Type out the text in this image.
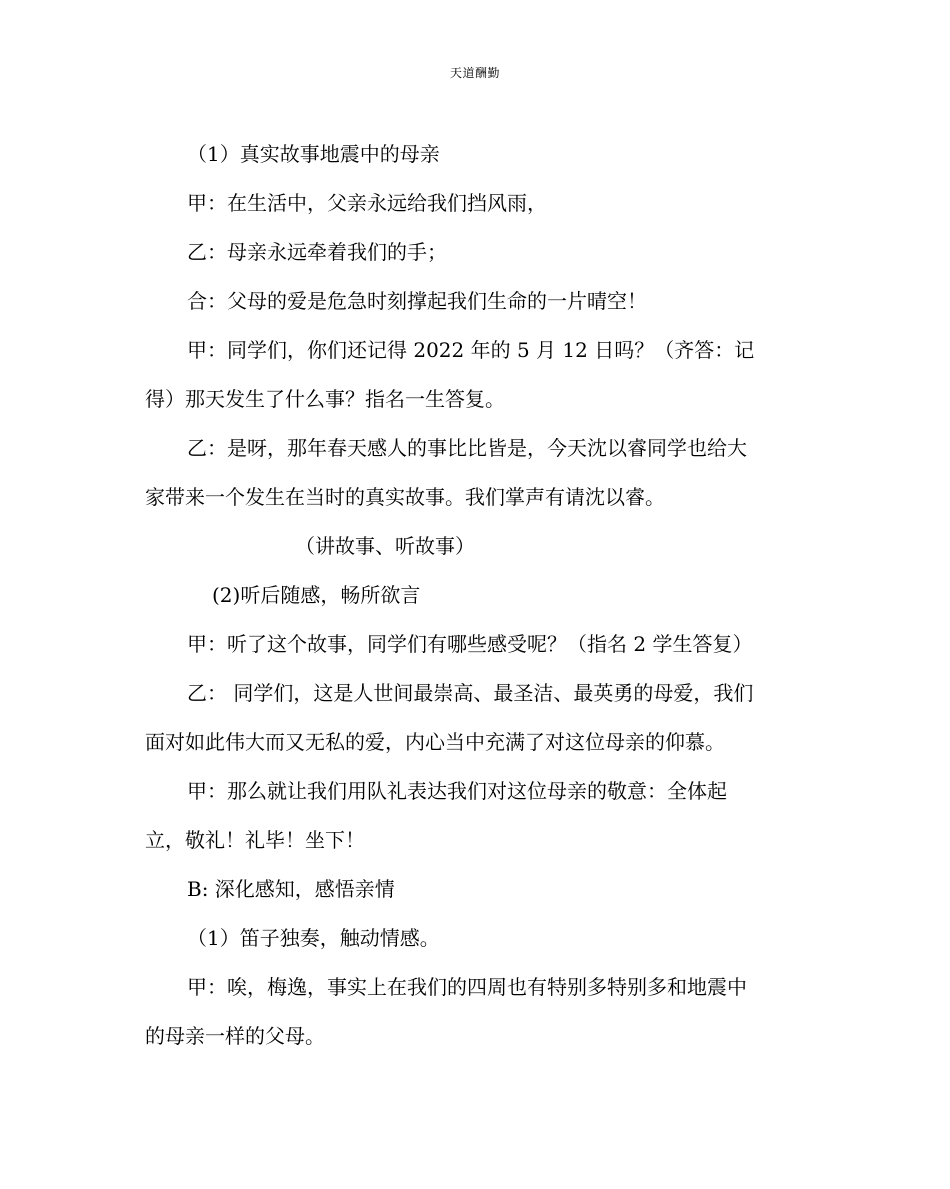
天道酬勤

（1）真实故事地震中的母亲

甲：在生活中，父亲永远给我们挡风雨，

乙：母亲永远牵着我们的手；

合：父母的爱是危急时刻撑起我们生命的一片晴空！

甲：同学们，你们还记得 2022 年的 5 月 12 日吗？（齐答：记

得）那天发生了什么事？指名一生答复。

乙：是呀，那年春天感人的事比比皆是，今天沈以睿同学也给大

家带来一个发生在当时的真实故事。我们掌声有请沈以睿。

（讲故事、听故事）

(2)听后随感，畅所欲言

甲：听了这个故事，同学们有哪些感受呢？（指名 2 学生答复）

乙： 同学们，这是人世间最崇高、最圣洁、最英勇的母爱，我们

面对如此伟大而又无私的爱，内心当中充满了对这位母亲的仰慕。

甲：那么就让我们用队礼表达我们对这位母亲的敬意：全体起

立，敬礼！礼毕！坐下！

B: 深化感知，感悟亲情

（1）笛子独奏，触动情感。

甲：唉，梅逸，事实上在我们的四周也有特别多特别多和地震中

的母亲一样的父母。
